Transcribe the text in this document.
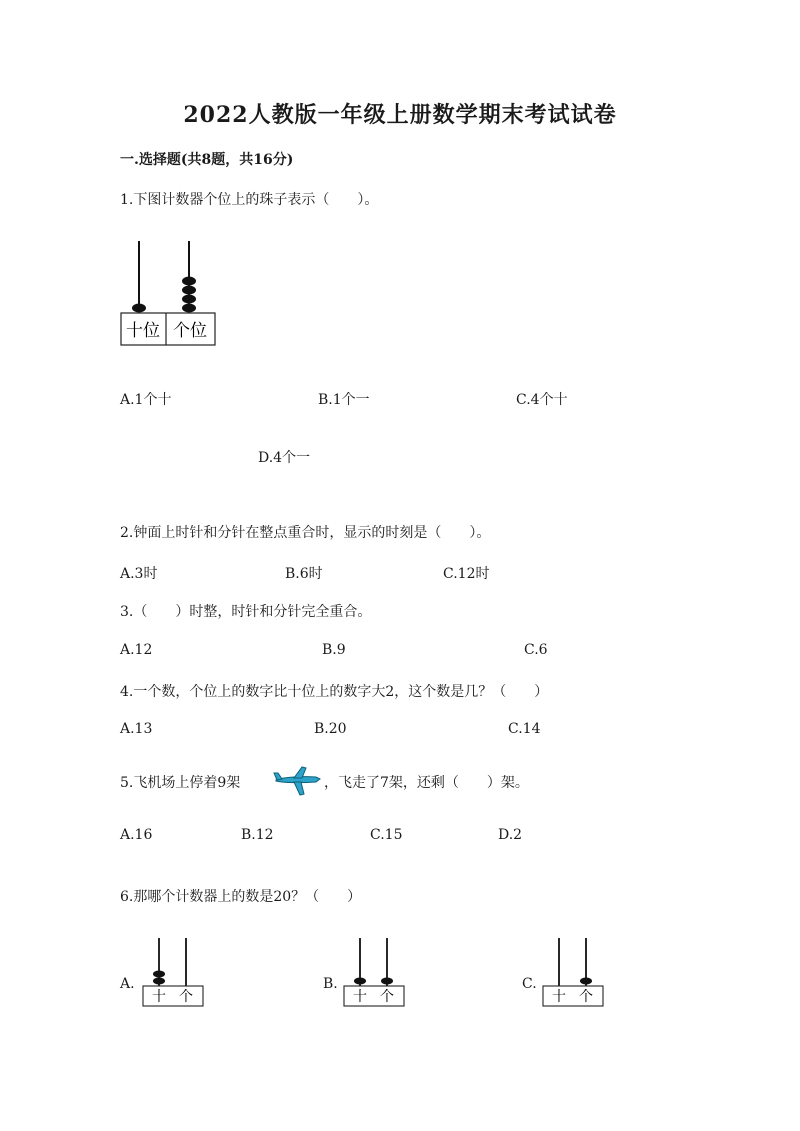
2022人教版一年级上册数学期末考试试卷
一.选择题(共8题，共16分)
1.下图计数器个位上的珠子表示（　　）。
十位 个位
A.1个十	B.1个一	C.4个十
D.4个一
2.钟面上时针和分针在整点重合时，显示的时刻是（　　）。
A.3时	B.6时	C.12时
3.（　　）时整，时针和分针完全重合。
A.12	B.9	C.6
4.一个数，个位上的数字比十位上的数字大2，这个数是几？（　　）
A.13	B.20	C.14
5.飞机场上停着9架	，飞走了7架，还剩（　　）架。
A.16	B.12	C.15	D.2
6.那哪个计数器上的数是20？（　　）
A.
十 个
B.
十 个
C.
十 个
